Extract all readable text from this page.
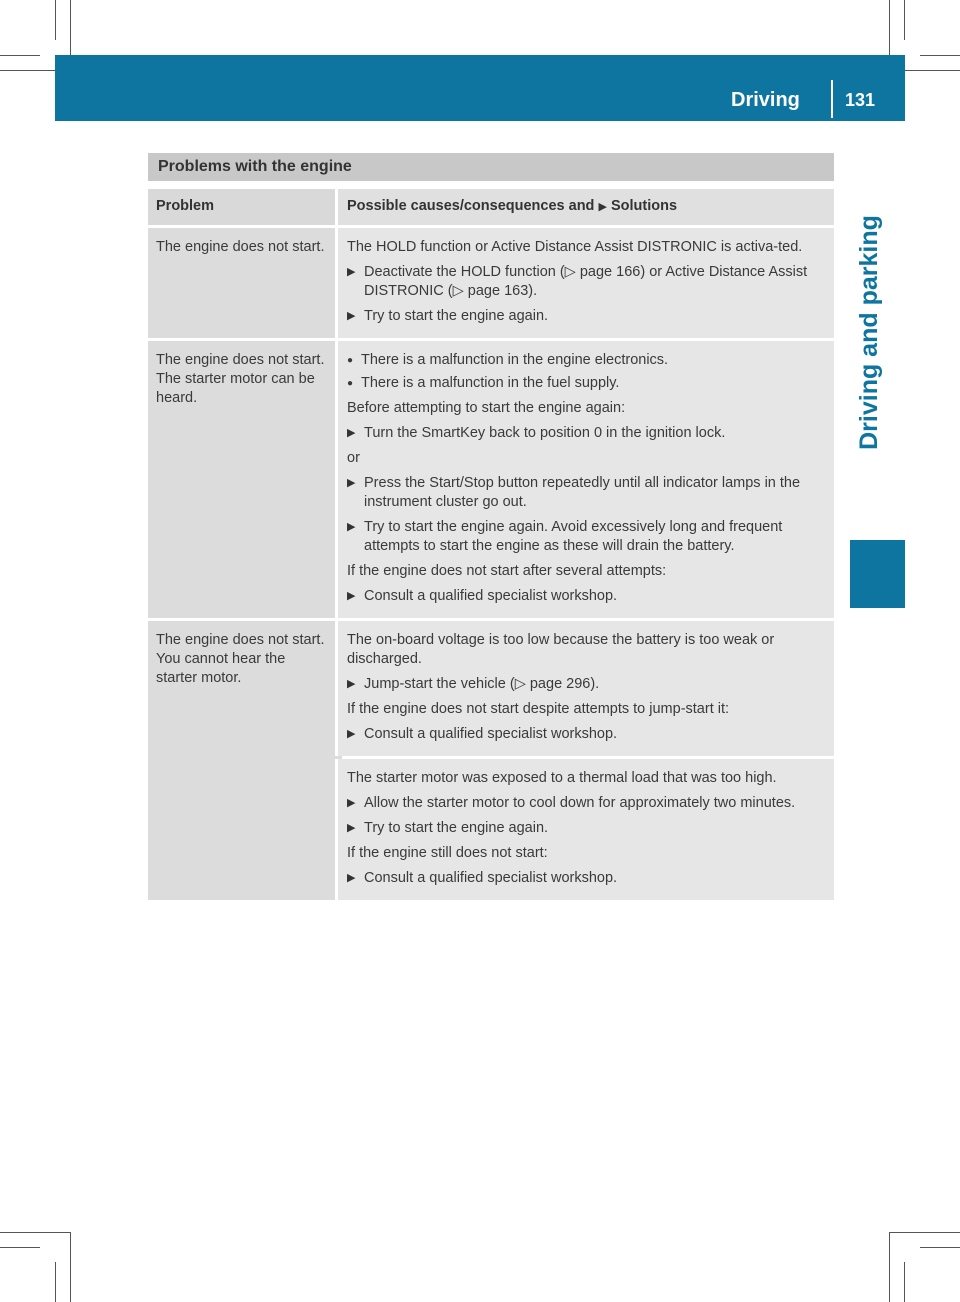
Driving	131
Driving and parking
Problems with the engine
Problem	Possible causes/consequences and ▶ Solutions

The engine does not start. The HOLD function or Active Distance Assist DISTRONIC is activa-ted.

▶ Deactivate the HOLD function (▷ page 166) or Active Distance Assist DISTRONIC (▷ page 163).
▶ Try to start the engine again.

The engine does not start. The starter motor can be heard.

● There is a malfunction in the engine electronics.
● There is a malfunction in the fuel supply.

Before attempting to start the engine again:

▶ Turn the SmartKey back to position 0 in the ignition lock.

or

▶ Press the Start/Stop button repeatedly until all indicator lamps in the instrument cluster go out.
▶ Try to start the engine again. Avoid excessively long and frequent attempts to start the engine as these will drain the battery.

If the engine does not start after several attempts:

▶ Consult a qualified specialist workshop.

The engine does not start. You cannot hear the starter motor.

The on-board voltage is too low because the battery is too weak or discharged.

▶ Jump-start the vehicle (▷ page 296).

If the engine does not start despite attempts to jump-start it:

▶ Consult a qualified specialist workshop.

The starter motor was exposed to a thermal load that was too high.

▶ Allow the starter motor to cool down for approximately two minutes.
▶ Try to start the engine again.

If the engine still does not start:

▶ Consult a qualified specialist workshop.
